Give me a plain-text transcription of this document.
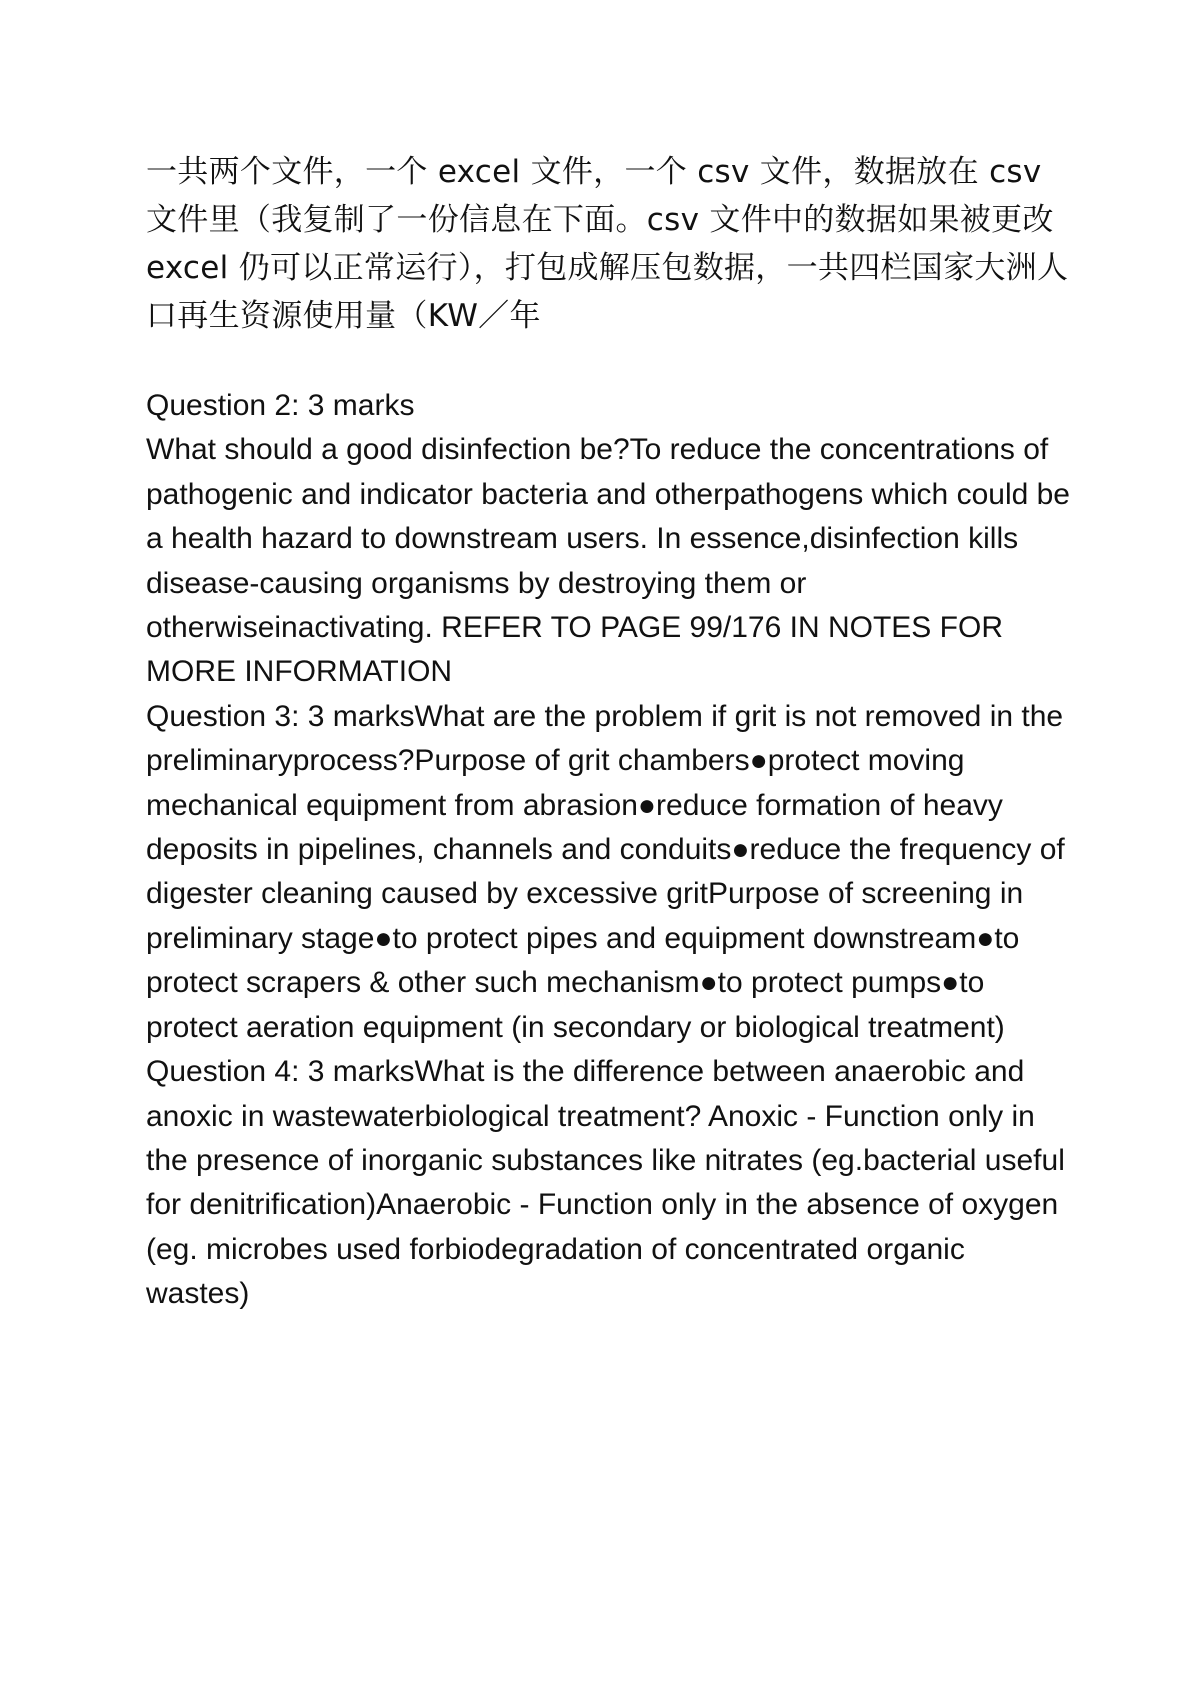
一共两个文件，一个 excel 文件，一个 csv 文件，数据放在 csv 文件里（我复制了一份信息在下面。csv 文件中的数据如果被更改 excel 仍可以正常运行），打包成解压包数据，一共四栏国家大洲人口再生资源使用量（KW／年

Question 2: 3 marks
What should a good disinfection be?To reduce the concentrations of pathogenic and indicator bacteria and otherpathogens which could be a health hazard to downstream users. In essence,disinfection kills disease-causing organisms by destroying them or otherwiseinactivating. REFER TO PAGE 99/176 IN NOTES FOR MORE INFORMATION

Question 3: 3 marksWhat are the problem if grit is not removed in the preliminaryprocess?Purpose of grit chambers●protect moving mechanical equipment from abrasion●reduce formation of heavy deposits in pipelines, channels and conduits●reduce the frequency of digester cleaning caused by excessive gritPurpose of screening in preliminary stage●to protect pipes and equipment downstream●to protect scrapers & other such mechanism●to protect pumps●to protect aeration equipment (in secondary or biological treatment)

Question 4: 3 marksWhat is the difference between anaerobic and anoxic in wastewaterbiological treatment? Anoxic - Function only in the presence of inorganic substances like nitrates (eg.bacterial useful for denitrification)Anaerobic - Function only in the absence of oxygen (eg. microbes used forbiodegradation of concentrated organic wastes)
